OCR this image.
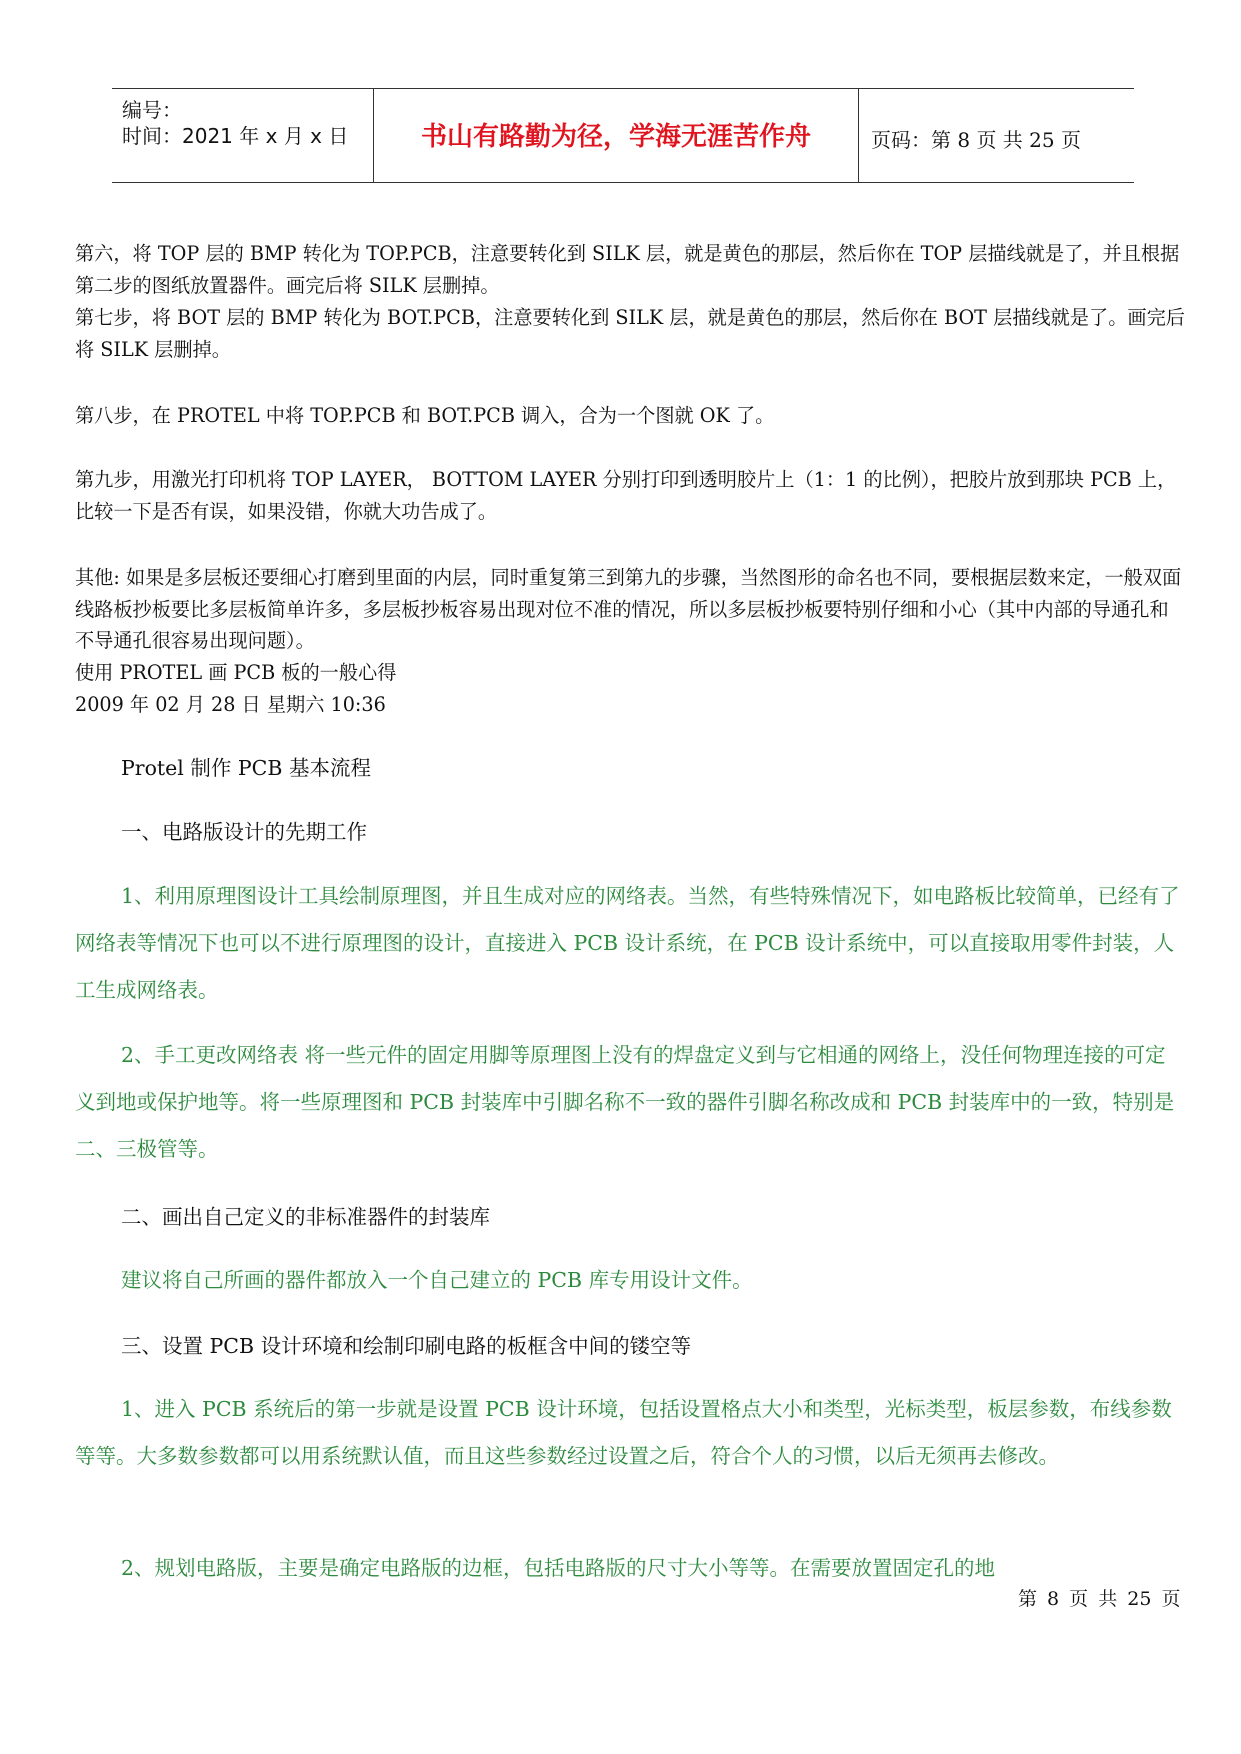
编号：
时间：2021 年 x 月 x 日	书山有路勤为径，学海无涯苦作舟	页码：第 8 页 共 25 页

第六，将 TOP 层的 BMP 转化为 TOP.PCB，注意要转化到 SILK 层，就是黄色的那层，然后你在 TOP 层描线就是了，并且根据第二步的图纸放置器件。画完后将 SILK 层删掉。

第七步，将 BOT 层的 BMP 转化为 BOT.PCB，注意要转化到 SILK 层，就是黄色的那层，然后你在 BOT 层描线就是了。画完后将 SILK 层删掉。

第八步，在 PROTEL 中将 TOP.PCB 和 BOT.PCB 调入，合为一个图就 OK 了。

第九步，用激光打印机将 TOP LAYER， BOTTOM LAYER 分别打印到透明胶片上（1：1 的比例），把胶片放到那块 PCB 上，比较一下是否有误，如果没错，你就大功告成了。

其他: 如果是多层板还要细心打磨到里面的内层，同时重复第三到第九的步骤，当然图形的命名也不同，要根据层数来定，一般双面线路板抄板要比多层板简单许多，多层板抄板容易出现对位不准的情况，所以多层板抄板要特别仔细和小心（其中内部的导通孔和不导通孔很容易出现问题）。

使用 PROTEL 画 PCB 板的一般心得

2009 年 02 月 28 日 星期六 10:36

Protel 制作 PCB 基本流程

一、电路版设计的先期工作

1、利用原理图设计工具绘制原理图，并且生成对应的网络表。当然，有些特殊情况下，如电路板比较简单，已经有了网络表等情况下也可以不进行原理图的设计，直接进入 PCB 设计系统，在 PCB 设计系统中，可以直接取用零件封装，人工生成网络表。

2、手工更改网络表 将一些元件的固定用脚等原理图上没有的焊盘定义到与它相通的网络上，没任何物理连接的可定义到地或保护地等。将一些原理图和 PCB 封装库中引脚名称不一致的器件引脚名称改成和 PCB 封装库中的一致，特别是二、三极管等。

二、画出自己定义的非标准器件的封装库

建议将自己所画的器件都放入一个自己建立的 PCB 库专用设计文件。

三、设置 PCB 设计环境和绘制印刷电路的板框含中间的镂空等

1、进入 PCB 系统后的第一步就是设置 PCB 设计环境，包括设置格点大小和类型，光标类型，板层参数，布线参数等等。大多数参数都可以用系统默认值，而且这些参数经过设置之后，符合个人的习惯，以后无须再去修改。

2、规划电路版，主要是确定电路版的边框，包括电路版的尺寸大小等等。在需要放置固定孔的地

第 8 页 共 25 页
